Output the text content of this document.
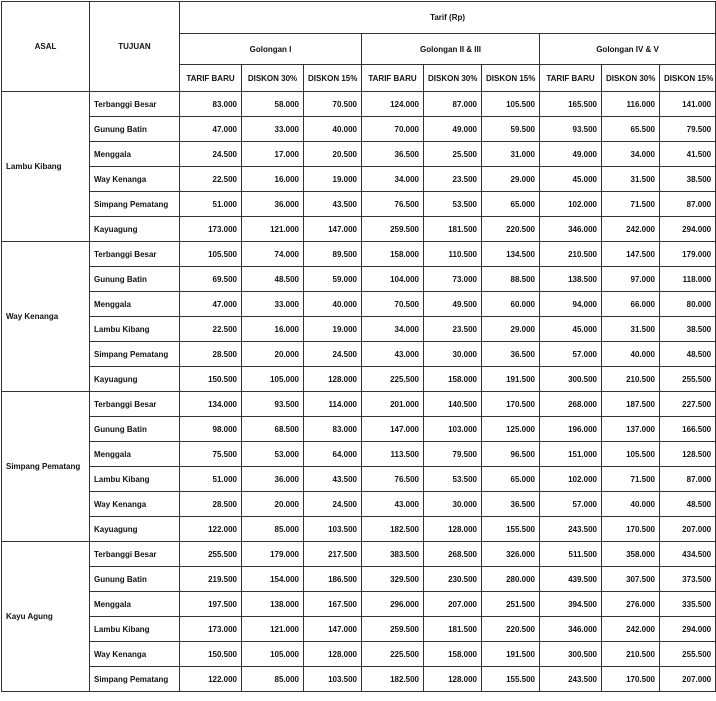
ASAL	TUJUAN	Tarif (Rp)								
		Golongan I			Golongan II & III			Golongan IV & V		
		TARIF BARU	DISKON 30%	DISKON 15%	TARIF BARU	DISKON 30%	DISKON 15%	TARIF BARU	DISKON 30%	DISKON 15%
Lambu Kibang	Terbanggi Besar	83.000	58.000	70.500	124.000	87.000	105.500	165.500	116.000	141.000
	Gunung Batin	47.000	33.000	40.000	70.000	49.000	59.500	93.500	65.500	79.500
	Menggala	24.500	17.000	20.500	36.500	25.500	31.000	49.000	34.000	41.500
	Way Kenanga	22.500	16.000	19.000	34.000	23.500	29.000	45.000	31.500	38.500
	Simpang Pematang	51.000	36.000	43.500	76.500	53.500	65.000	102.000	71.500	87.000
	Kayuagung	173.000	121.000	147.000	259.500	181.500	220.500	346.000	242.000	294.000
Way Kenanga	Terbanggi Besar	105.500	74.000	89.500	158.000	110.500	134.500	210.500	147.500	179.000
	Gunung Batin	69.500	48.500	59.000	104.000	73.000	88.500	138.500	97.000	118.000
	Menggala	47.000	33.000	40.000	70.500	49.500	60.000	94.000	66.000	80.000
	Lambu Kibang	22.500	16.000	19.000	34.000	23.500	29.000	45.000	31.500	38.500
	Simpang Pematang	28.500	20.000	24.500	43.000	30.000	36.500	57.000	40.000	48.500
	Kayuagung	150.500	105.000	128.000	225.500	158.000	191.500	300.500	210.500	255.500
Simpang Pematang	Terbanggi Besar	134.000	93.500	114.000	201.000	140.500	170.500	268.000	187.500	227.500
	Gunung Batin	98.000	68.500	83.000	147.000	103.000	125.000	196.000	137.000	166.500
	Menggala	75.500	53.000	64.000	113.500	79.500	96.500	151.000	105.500	128.500
	Lambu Kibang	51.000	36.000	43.500	76.500	53.500	65.000	102.000	71.500	87.000
	Way Kenanga	28.500	20.000	24.500	43.000	30.000	36.500	57.000	40.000	48.500
	Kayuagung	122.000	85.000	103.500	182.500	128.000	155.500	243.500	170.500	207.000
Kayu Agung	Terbanggi Besar	255.500	179.000	217.500	383.500	268.500	326.000	511.500	358.000	434.500
	Gunung Batin	219.500	154.000	186.500	329.500	230.500	280.000	439.500	307.500	373.500
	Menggala	197.500	138.000	167.500	296.000	207.000	251.500	394.500	276.000	335.500
	Lambu Kibang	173.000	121.000	147.000	259.500	181.500	220.500	346.000	242.000	294.000
	Way Kenanga	150.500	105.000	128.000	225.500	158.000	191.500	300.500	210.500	255.500
	Simpang Pematang	122.000	85.000	103.500	182.500	128.000	155.500	243.500	170.500	207.000
